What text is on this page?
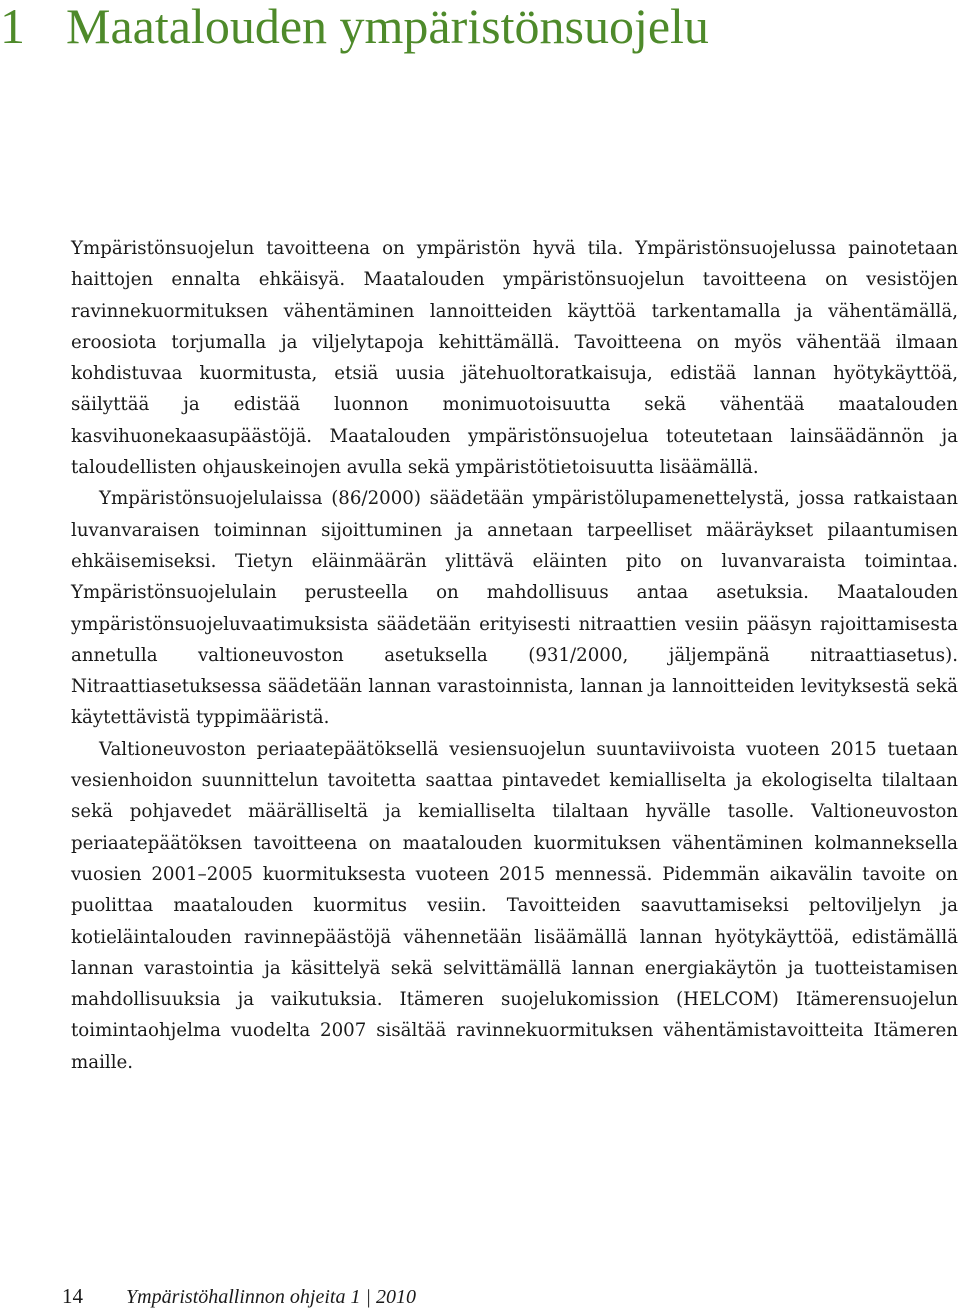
1 Maatalouden ympäristönsuojelu

Ympäristönsuojelun tavoitteena on ympäristön hyvä tila. Ympäristönsuojelussa painotetaan haittojen ennalta ehkäisyä. Maatalouden ympäristönsuojelun tavoitteena on vesistöjen ravinnekuormituksen vähentäminen lannoitteiden käyttöä tarkentamalla ja vähentämällä, eroosiota torjumalla ja viljelytapoja kehittämällä. Tavoitteena on myös vähentää ilmaan kohdistuvaa kuormitusta, etsiä uusia jätehuoltoratkaisuja, edistää lannan hyötykäyttöä, säilyttää ja edistää luonnon monimuotoisuutta sekä vähentää maatalouden kasvihuonekaasupäästöjä. Maatalouden ympäristönsuojelua toteutetaan lainsäädännön ja taloudellisten ohjauskeinojen avulla sekä ympäristötietoisuutta lisäämällä.

Ympäristönsuojelulaissa (86/2000) säädetään ympäristölupamenettelystä, jossa ratkaistaan luvanvaraisen toiminnan sijoittuminen ja annetaan tarpeelliset määräykset pilaantumisen ehkäisemiseksi. Tietyn eläinmäärän ylittävä eläinten pito on luvanvaraista toimintaa. Ympäristönsuojelulain perusteella on mahdollisuus antaa asetuksia. Maatalouden ympäristönsuojeluvaatimuksista säädetään erityisesti nitraattien vesiin pääsyn rajoittamisesta annetulla valtioneuvoston asetuksella (931/2000, jäljempänä nitraattiasetus). Nitraattiasetuksessa säädetään lannan varastoinnista, lannan ja lannoitteiden levityksestä sekä käytettävistä typpimääristä.

Valtioneuvoston periaatepäätöksellä vesiensuojelun suuntaviivoista vuoteen 2015 tuetaan vesienhoidon suunnittelun tavoitetta saattaa pintavedet kemialliselta ja ekologiselta tilaltaan sekä pohjavedet määrälliseltä ja kemialliselta tilaltaan hyvälle tasolle. Valtioneuvoston periaatepäätöksen tavoitteena on maatalouden kuormituksen vähentäminen kolmanneksella vuosien 2001–2005 kuormituksesta vuoteen 2015 mennessä. Pidemmän aikavälin tavoite on puolittaa maatalouden kuormitus vesiin. Tavoitteiden saavuttamiseksi peltoviljelyn ja kotieläintalouden ravinnepäästöjä vähennetään lisäämällä lannan hyötykäyttöä, edistämällä lannan varastointia ja käsittelyä sekä selvittämällä lannan energiakäytön ja tuotteistamisen mahdollisuuksia ja vaikutuksia. Itämeren suojelukomission (HELCOM) Itämerensuojelun toimintaohjelma vuodelta 2007 sisältää ravinnekuormituksen vähentämistavoitteita Itämeren maille.

14 Ympäristöhallinnon ohjeita 1 | 2010
